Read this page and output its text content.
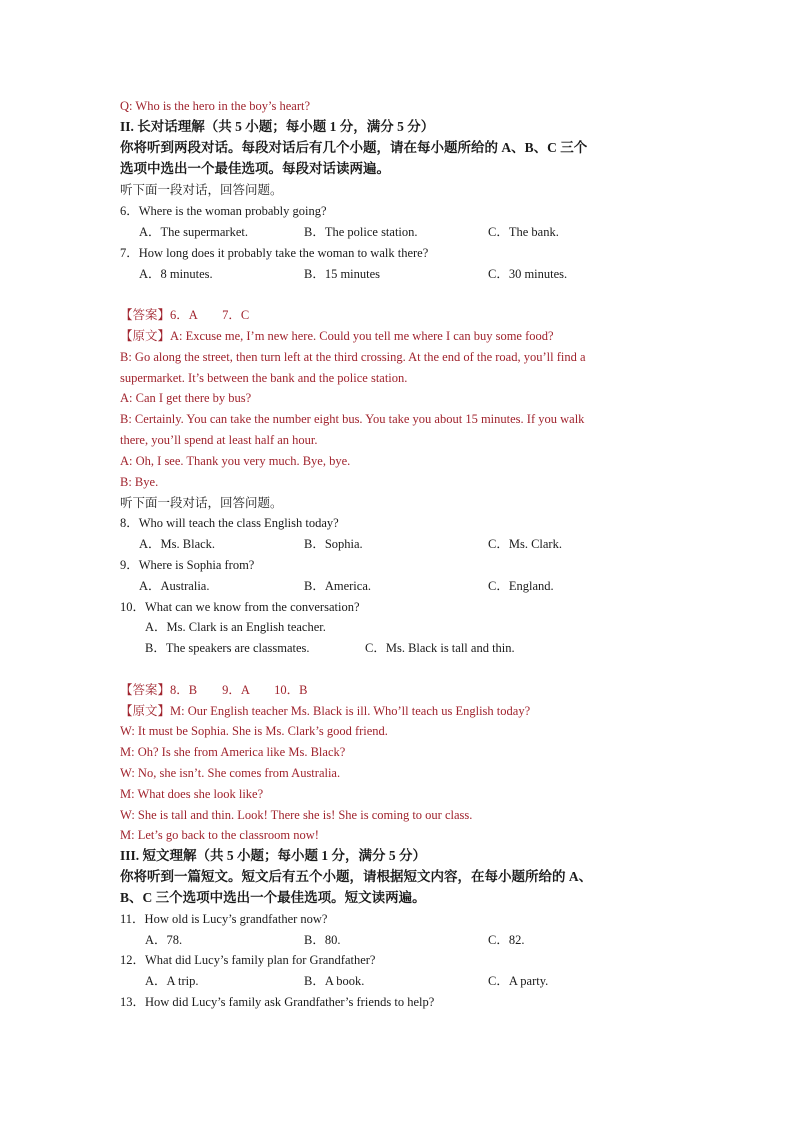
Q: Who is the hero in the boy’s heart?
II. 长对话理解（共 5 小题；每小题 1 分，满分 5 分）
你将听到两段对话。每段对话后有几个小题，请在每小题所给的 A、B、C 三个
选项中选出一个最佳选项。每段对话读两遍。
听下面一段对话，回答问题。
6．Where is the woman probably going?
A．The supermarket.	B．The police station.	C．The bank.
7．How long does it probably take the woman to walk there?
A．8 minutes.	B．15 minutes	C．30 minutes.
【答案】6．A　　7．C
【原文】A: Excuse me, I’m new here. Could you tell me where I can buy some food?
B: Go along the street, then turn left at the third crossing. At the end of the road, you’ll find a
supermarket. It’s between the bank and the police station.
A: Can I get there by bus?
B: Certainly. You can take the number eight bus. You take you about 15 minutes. If you walk
there, you’ll spend at least half an hour.
A: Oh, I see. Thank you very much. Bye, bye.
B: Bye.
听下面一段对话，回答问题。
8．Who will teach the class English today?
A．Ms. Black.	B．Sophia.	C．Ms. Clark.
9．Where is Sophia from?
A．Australia.	B．America.	C．England.
10．What can we know from the conversation?
A．Ms. Clark is an English teacher.
B．The speakers are classmates.	C．Ms. Black is tall and thin.
【答案】8．B　　9．A　　10．B
【原文】M: Our English teacher Ms. Black is ill. Who’ll teach us English today?
W: It must be Sophia. She is Ms. Clark’s good friend.
M: Oh? Is she from America like Ms. Black?
W: No, she isn’t. She comes from Australia.
M: What does she look like?
W: She is tall and thin. Look! There she is! She is coming to our class.
M: Let’s go back to the classroom now!
III. 短文理解（共 5 小题；每小题 1 分，满分 5 分）
你将听到一篇短文。短文后有五个小题，请根据短文内容，在每小题所给的 A、
B、C 三个选项中选出一个最佳选项。短文读两遍。
11．How old is Lucy’s grandfather now?
A．78.	B．80.	C．82.
12．What did Lucy’s family plan for Grandfather?
A．A trip.	B．A book.	C．A party.
13．How did Lucy’s family ask Grandfather’s friends to help?
